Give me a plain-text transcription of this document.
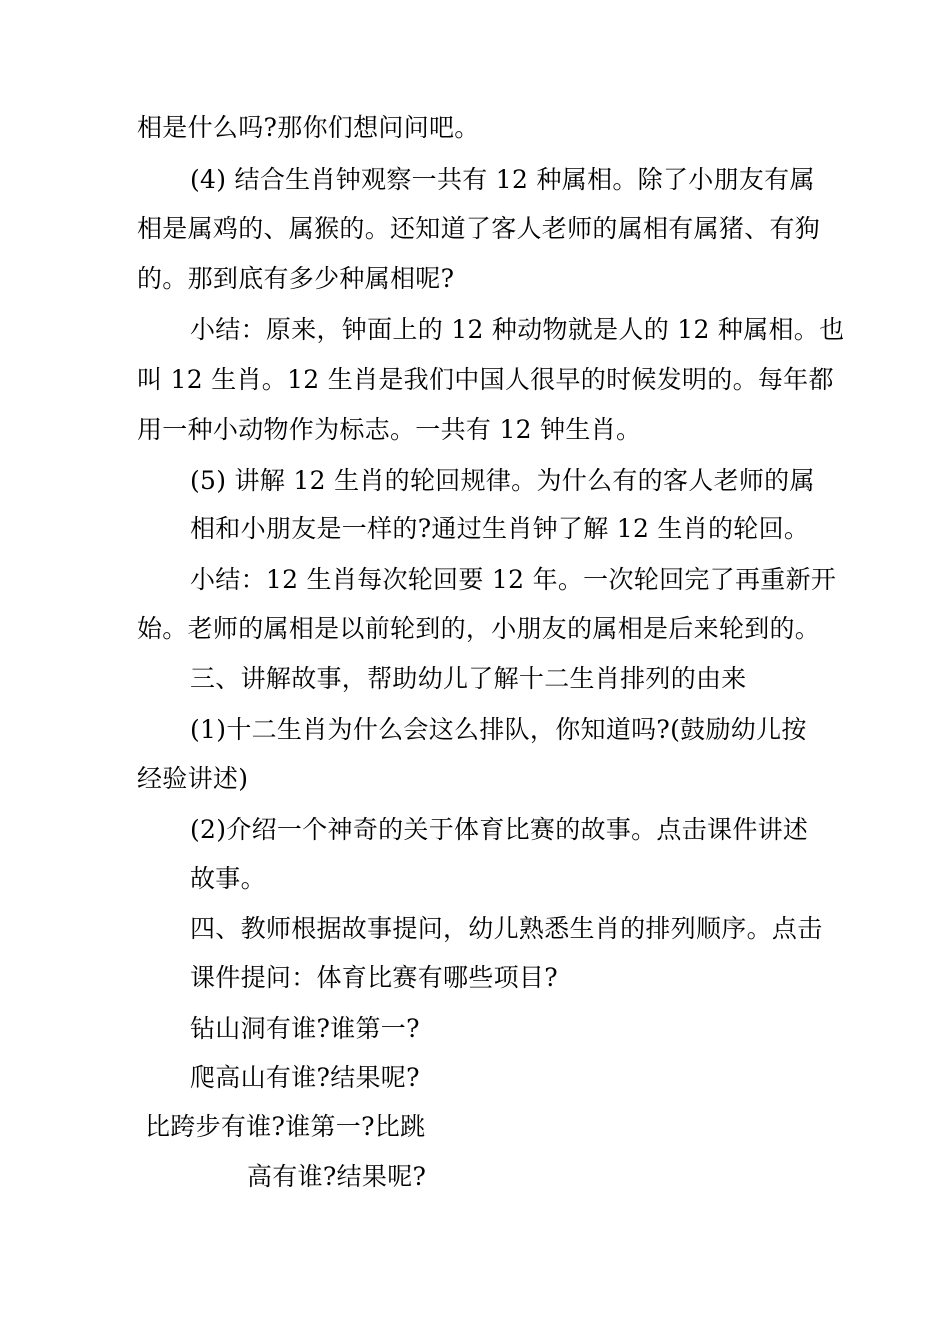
相是什么吗?那你们想问问吧。
(4) 结合生肖钟观察一共有 12 种属相。除了小朋友有属
相是属鸡的、属猴的。还知道了客人老师的属相有属猪、有狗
的。那到底有多少种属相呢?
小结：原来，钟面上的 12 种动物就是人的 12 种属相。也
叫 12 生肖。12 生肖是我们中国人很早的时候发明的。每年都
用一种小动物作为标志。一共有 12 钟生肖。
(5) 讲解 12 生肖的轮回规律。为什么有的客人老师的属
相和小朋友是一样的?通过生肖钟了解 12 生肖的轮回。
小结：12 生肖每次轮回要 12 年。一次轮回完了再重新开
始。老师的属相是以前轮到的，小朋友的属相是后来轮到的。
三、讲解故事，帮助幼儿了解十二生肖排列的由来
(1)十二生肖为什么会这么排队，你知道吗?(鼓励幼儿按
经验讲述)
(2)介绍一个神奇的关于体育比赛的故事。点击课件讲述
故事。
四、教师根据故事提问，幼儿熟悉生肖的排列顺序。点击
课件提问：体育比赛有哪些项目?
钻山洞有谁?谁第一?
爬高山有谁?结果呢?
比跨步有谁?谁第一?比跳
高有谁?结果呢?
